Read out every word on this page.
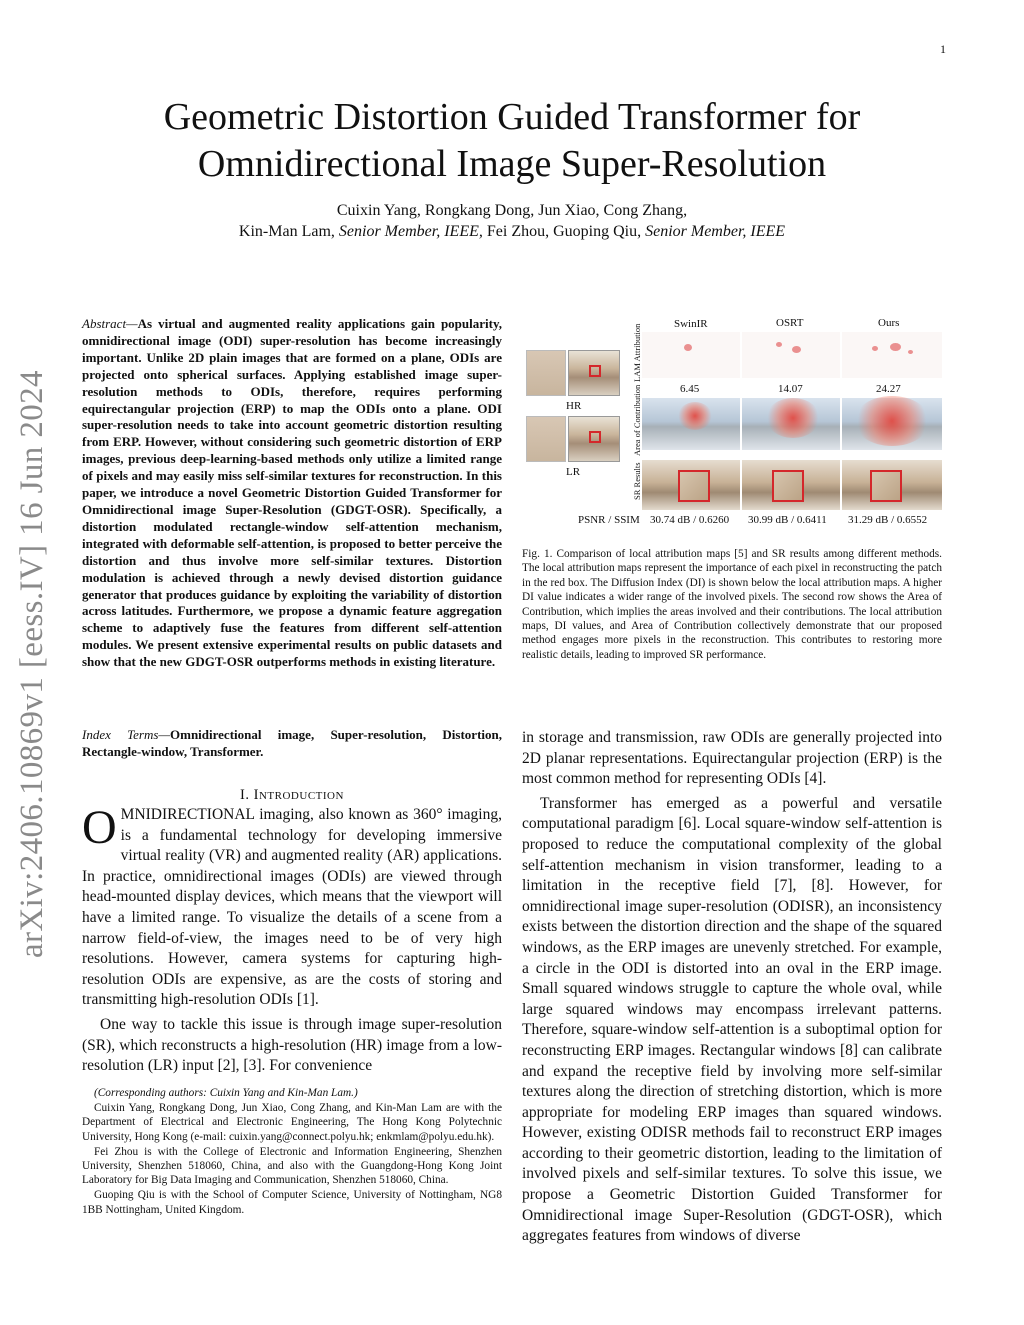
1
arXiv:2406.10869v1 [eess.IV] 16 Jun 2024
Geometric Distortion Guided Transformer for
Omnidirectional Image Super-Resolution
Cuixin Yang, Rongkang Dong, Jun Xiao, Cong Zhang,
Kin-Man Lam, Senior Member, IEEE, Fei Zhou, Guoping Qiu, Senior Member, IEEE
Abstract—As virtual and augmented reality applications gain popularity, omnidirectional image (ODI) super-resolution has become increasingly important. Unlike 2D plain images that are formed on a plane, ODIs are projected onto spherical surfaces. Applying established image super-resolution methods to ODIs, therefore, requires performing equirectangular projection (ERP) to map the ODIs onto a plane. ODI super-resolution needs to take into account geometric distortion resulting from ERP. However, without considering such geometric distortion of ERP images, previous deep-learning-based methods only utilize a limited range of pixels and may easily miss self-similar textures for reconstruction. In this paper, we introduce a novel Geometric Distortion Guided Transformer for Omnidirectional image Super-Resolution (GDGT-OSR). Specifically, a distortion modulated rectangle-window self-attention mechanism, integrated with deformable self-attention, is proposed to better perceive the distortion and thus involve more self-similar textures. Distortion modulation is achieved through a newly devised distortion guidance generator that produces guidance by exploiting the variability of distortion across latitudes. Furthermore, we propose a dynamic feature aggregation scheme to adaptively fuse the features from different self-attention modules. We present extensive experimental results on public datasets and show that the new GDGT-OSR outperforms methods in existing literature.
Index Terms—Omnidirectional image, Super-resolution, Distortion, Rectangle-window, Transformer.
I. INTRODUCTION

OMNIDIRECTIONAL imaging, also known as 360° imaging, is a fundamental technology for developing immersive virtual reality (VR) and augmented reality (AR) applications. In practice, omnidirectional images (ODIs) are viewed through head-mounted display devices, which means that the viewport will have a limited range. To visualize the details of a scene from a narrow field-of-view, the images need to be of very high resolutions. However, camera systems for capturing high-resolution ODIs are expensive, as are the costs of storing and transmitting high-resolution ODIs [1].

One way to tackle this issue is through image super-resolution (SR), which reconstructs a high-resolution (HR) image from a low-resolution (LR) input [2], [3]. For convenience

(Corresponding authors: Cuixin Yang and Kin-Man Lam.)

Cuixin Yang, Rongkang Dong, Jun Xiao, Cong Zhang, and Kin-Man Lam are with the Department of Electrical and Electronic Engineering, The Hong Kong Polytechnic University, Hong Kong (e-mail: cuixin.yang@connect.polyu.hk; enkmlam@polyu.edu.hk).

Fei Zhou is with the College of Electronic and Information Engineering, Shenzhen University, Shenzhen 518060, China, and also with the Guangdong-Hong Kong Joint Laboratory for Big Data Imaging and Communication, Shenzhen 518060, China.

Guoping Qiu is with the School of Computer Science, University of Nottingham, NG8 1BB Nottingham, United Kingdom.

HR
LR
LAM Attribution
Area of Contribution
SR Results
SwinIR	OSRT	Ours
6.45	14.07	24.27
PSNR / SSIM 30.74 dB / 0.6260 30.99 dB / 0.6411 31.29 dB / 0.6552
Fig. 1. Comparison of local attribution maps [5] and SR results among different methods. The local attribution maps represent the importance of each pixel in reconstructing the patch in the red box. The Diffusion Index (DI) is shown below the local attribution maps. A higher DI value indicates a wider range of the involved pixels. The second row shows the Area of Contribution, which implies the areas involved and their contributions. The local attribution maps, DI values, and Area of Contribution collectively demonstrate that our proposed method engages more pixels in the reconstruction. This contributes to restoring more realistic details, leading to improved SR performance.

in storage and transmission, raw ODIs are generally projected into 2D planar representations. Equirectangular projection (ERP) is the most common method for representing ODIs [4].

Transformer has emerged as a powerful and versatile computational paradigm [6]. Local square-window self-attention is proposed to reduce the computational complexity of the global self-attention mechanism in vision transformer, leading to a limitation in the receptive field [7], [8]. However, for omnidirectional image super-resolution (ODISR), an inconsistency exists between the distortion direction and the shape of the squared windows, as the ERP images are unevenly stretched. For example, a circle in the ODI is distorted into an oval in the ERP image. Small squared windows struggle to capture the whole oval, while large squared windows may encompass irrelevant patterns. Therefore, square-window self-attention is a suboptimal option for reconstructing ERP images. Rectangular windows [8] can calibrate and expand the receptive field by involving more self-similar textures along the direction of stretching distortion, which is more appropriate for modeling ERP images than squared windows. However, existing ODISR methods fail to reconstruct ERP images according to their geometric distortion, leading to the limitation of involved pixels and self-similar textures. To solve this issue, we propose a Geometric Distortion Guided Transformer for Omnidirectional image Super-Resolution (GDGT-OSR), which aggregates features from windows of diverse
